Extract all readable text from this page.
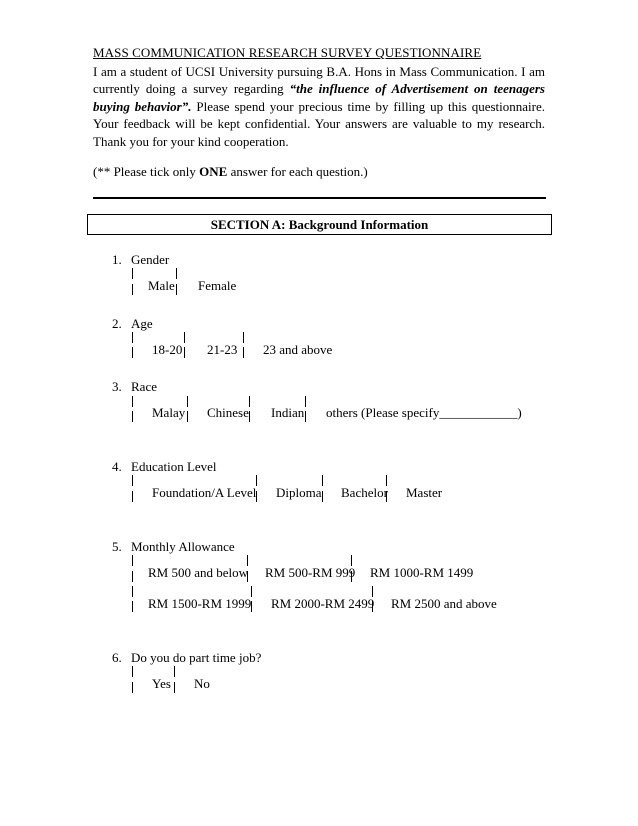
MASS COMMUNICATION RESEARCH SURVEY QUESTIONNAIRE
I am a student of UCSI University pursuing B.A. Hons in Mass Communication. I am currently doing a survey regarding “the influence of Advertisement on teenagers buying behavior”. Please spend your precious time by filling up this questionnaire. Your feedback will be kept confidential. Your answers are valuable to my research. Thank you for your kind cooperation.
(** Please tick only ONE answer for each question.)
SECTION A: Background Information
1. Gender
Male Female
2. Age
18-20 21-23 23 and above
3. Race
Malay Chinese Indian others (Please specify____________)
4. Education Level
Foundation/A Level Diploma Bachelor Master
5. Monthly Allowance
RM 500 and below RM 500-RM 999 RM 1000-RM 1499
RM 1500-RM 1999 RM 2000-RM 2499 RM 2500 and above
6. Do you do part time job?
Yes No
